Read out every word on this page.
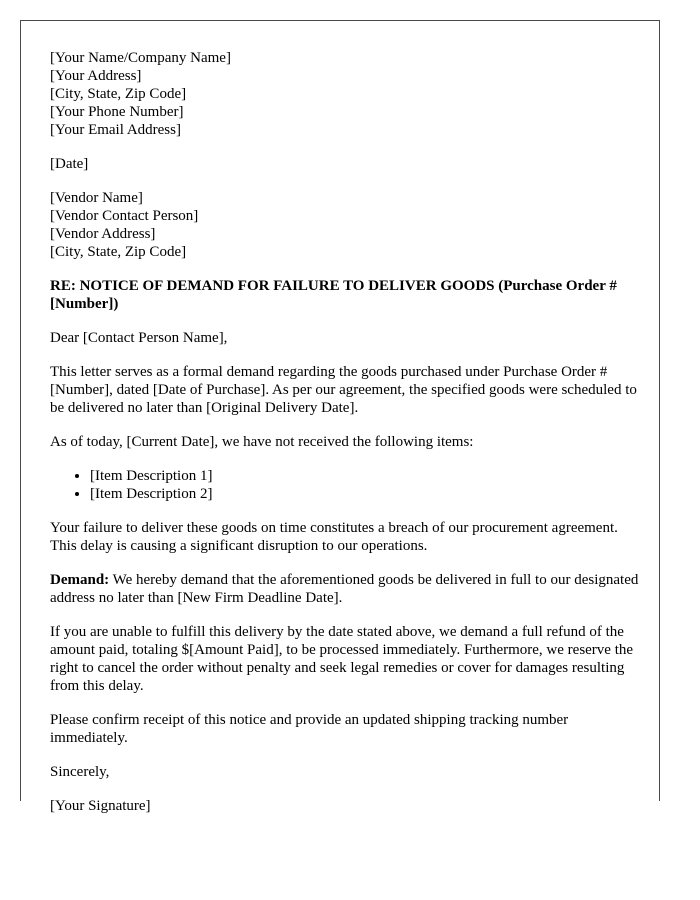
[Your Name/Company Name]
[Your Address]
[City, State, Zip Code]
[Your Phone Number]
[Your Email Address]

[Date]

[Vendor Name]
[Vendor Contact Person]
[Vendor Address]
[City, State, Zip Code]

RE: NOTICE OF DEMAND FOR FAILURE TO DELIVER GOODS (Purchase Order #[Number])

Dear [Contact Person Name],

This letter serves as a formal demand regarding the goods purchased under Purchase Order #[Number], dated [Date of Purchase]. As per our agreement, the specified goods were scheduled to be delivered no later than [Original Delivery Date].

As of today, [Current Date], we have not received the following items:

• [Item Description 1]
• [Item Description 2]

Your failure to deliver these goods on time constitutes a breach of our procurement agreement. This delay is causing a significant disruption to our operations.

Demand: We hereby demand that the aforementioned goods be delivered in full to our designated address no later than [New Firm Deadline Date].

If you are unable to fulfill this delivery by the date stated above, we demand a full refund of the amount paid, totaling $[Amount Paid], to be processed immediately. Furthermore, we reserve the right to cancel the order without penalty and seek legal remedies or cover for damages resulting from this delay.

Please confirm receipt of this notice and provide an updated shipping tracking number immediately.

Sincerely,

[Your Signature]
